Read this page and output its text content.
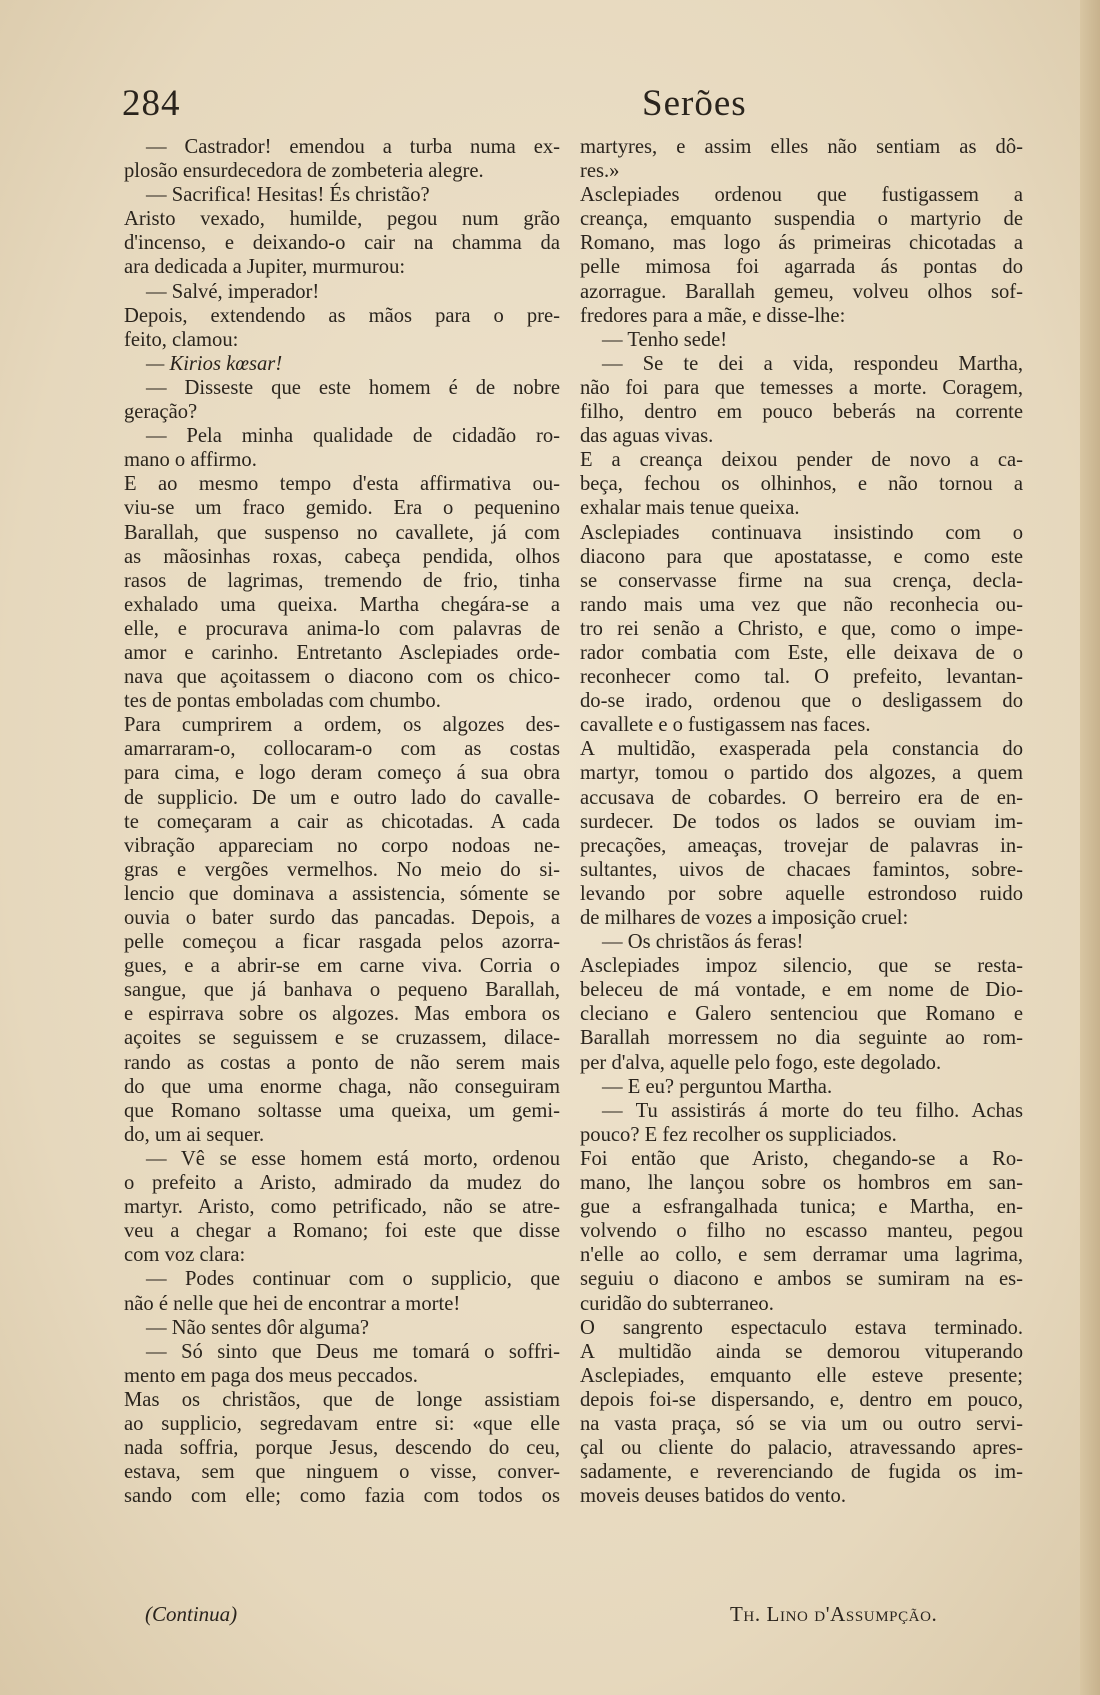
284	Serões
— Castrador! emendou a turba numa ex-
plosão ensurdecedora de zombeteria alegre.
— Sacrifica! Hesitas! És christão?
Aristo vexado, humilde, pegou num grão
d'incenso, e deixando-o cair na chamma da
ara dedicada a Jupiter, murmurou:
— Salvé, imperador!
Depois, extendendo as mãos para o pre-
feito, clamou:
— Kirios kœsar!
— Disseste que este homem é de nobre
geração?
— Pela minha qualidade de cidadão ro-
mano o affirmo.
E ao mesmo tempo d'esta affirmativa ou-
viu-se um fraco gemido. Era o pequenino
Barallah, que suspenso no cavallete, já com
as mãosinhas roxas, cabeça pendida, olhos
rasos de lagrimas, tremendo de frio, tinha
exhalado uma queixa. Martha chegára-se a
elle, e procurava anima-lo com palavras de
amor e carinho. Entretanto Asclepiades orde-
nava que açoitassem o diacono com os chico-
tes de pontas emboladas com chumbo.
Para cumprirem a ordem, os algozes des-
amarraram-o, collocaram-o com as costas
para cima, e logo deram começo á sua obra
de supplicio. De um e outro lado do cavalle-
te começaram a cair as chicotadas. A cada
vibração appareciam no corpo nodoas ne-
gras e vergões vermelhos. No meio do si-
lencio que dominava a assistencia, sómente se
ouvia o bater surdo das pancadas. Depois, a
pelle começou a ficar rasgada pelos azorra-
gues, e a abrir-se em carne viva. Corria o
sangue, que já banhava o pequeno Barallah,
e espirrava sobre os algozes. Mas embora os
açoites se seguissem e se cruzassem, dilace-
rando as costas a ponto de não serem mais
do que uma enorme chaga, não conseguiram
que Romano soltasse uma queixa, um gemi-
do, um ai sequer.
— Vê se esse homem está morto, ordenou
o prefeito a Aristo, admirado da mudez do
martyr. Aristo, como petrificado, não se atre-
veu a chegar a Romano; foi este que disse
com voz clara:
— Podes continuar com o supplicio, que
não é nelle que hei de encontrar a morte!
— Não sentes dôr alguma?
— Só sinto que Deus me tomará o soffri-
mento em paga dos meus peccados.
Mas os christãos, que de longe assistiam
ao supplicio, segredavam entre si: «que elle
nada soffria, porque Jesus, descendo do ceu,
estava, sem que ninguem o visse, conver-
sando com elle; como fazia com todos os
martyres, e assim elles não sentiam as dô-
res.»
Asclepiades ordenou que fustigassem a
creança, emquanto suspendia o martyrio de
Romano, mas logo ás primeiras chicotadas a
pelle mimosa foi agarrada ás pontas do
azorrague. Barallah gemeu, volveu olhos sof-
fredores para a mãe, e disse-lhe:
— Tenho sede!
— Se te dei a vida, respondeu Martha,
não foi para que temesses a morte. Coragem,
filho, dentro em pouco beberás na corrente
das aguas vivas.
E a creança deixou pender de novo a ca-
beça, fechou os olhinhos, e não tornou a
exhalar mais tenue queixa.
Asclepiades continuava insistindo com o
diacono para que apostatasse, e como este
se conservasse firme na sua crença, decla-
rando mais uma vez que não reconhecia ou-
tro rei senão a Christo, e que, como o impe-
rador combatia com Este, elle deixava de o
reconhecer como tal. O prefeito, levantan-
do-se irado, ordenou que o desligassem do
cavallete e o fustigassem nas faces.
A multidão, exasperada pela constancia do
martyr, tomou o partido dos algozes, a quem
accusava de cobardes. O berreiro era de en-
surdecer. De todos os lados se ouviam im-
precações, ameaças, trovejar de palavras in-
sultantes, uivos de chacaes famintos, sobre-
levando por sobre aquelle estrondoso ruido
de milhares de vozes a imposição cruel:
— Os christãos ás feras!
Asclepiades impoz silencio, que se resta-
beleceu de má vontade, e em nome de Dio-
cleciano e Galero sentenciou que Romano e
Barallah morressem no dia seguinte ao rom-
per d'alva, aquelle pelo fogo, este degolado.
— E eu? perguntou Martha.
— Tu assistirás á morte do teu filho. Achas
pouco? E fez recolher os suppliciados.
Foi então que Aristo, chegando-se a Ro-
mano, lhe lançou sobre os hombros em san-
gue a esfrangalhada tunica; e Martha, en-
volvendo o filho no escasso manteu, pegou
n'elle ao collo, e sem derramar uma lagrima,
seguiu o diacono e ambos se sumiram na es-
curidão do subterraneo.
O sangrento espectaculo estava terminado.
A multidão ainda se demorou vituperando
Asclepiades, emquanto elle esteve presente;
depois foi-se dispersando, e, dentro em pouco,
na vasta praça, só se via um ou outro servi-
çal ou cliente do palacio, atravessando apres-
sadamente, e reverenciando de fugida os im-
moveis deuses batidos do vento.
(Continua)	Th. Lino d'Assumpção.
